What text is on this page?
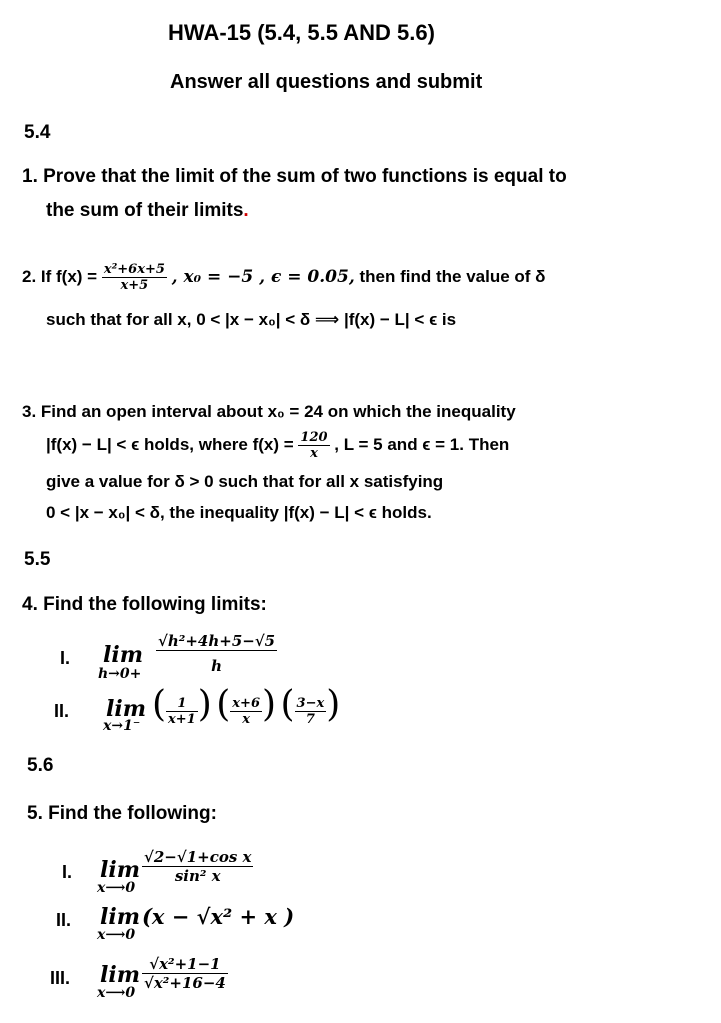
HWA-15 (5.4, 5.5 AND 5.6)
Answer all questions and submit
5.4
1. Prove that the limit of the sum of two functions is equal to
the sum of their limits.
2. If $f(x) = \frac{\text{x²+6x+5}}{x+5}$ , x₀ = −5 , ϵ = 0.05, then find the value of δ
such that for all x, 0 < |x − x₀| < δ ⟹ |f(x) − L| < ϵ is
3. Find an open interval about x₀ = 24 on which the inequality
|f(x) − L| < ϵ holds, where $f(x) = \frac{120}{x}$ , L = 5 and ϵ = 1. Then
give a value for δ > 0 such that for all x satisfying
0 < |x − x₀| < δ, the inequality |f(x) − L| < ϵ holds.
5.5
4. Find the following limits:
I. lim
$h\to 0+ \frac{\text{√h²+4h+5−√5}}{h}$
II. lim
x→1⁻
( $\frac{1}{x+1}$ ) ( $\frac{x+6}{x}$ ) ( $\frac{3-x}{7}$ )
5.6
5. Find the following:
I. lim
x⟶0
$\frac{\text{√2−√1+cos x}}{\text{sin² x}}$
II. lim
x⟶0
(x − √x² + x )
III. lim
x⟶0
$\frac{\text{√x²+1−1}}{\text{√x²+16−4}}$
